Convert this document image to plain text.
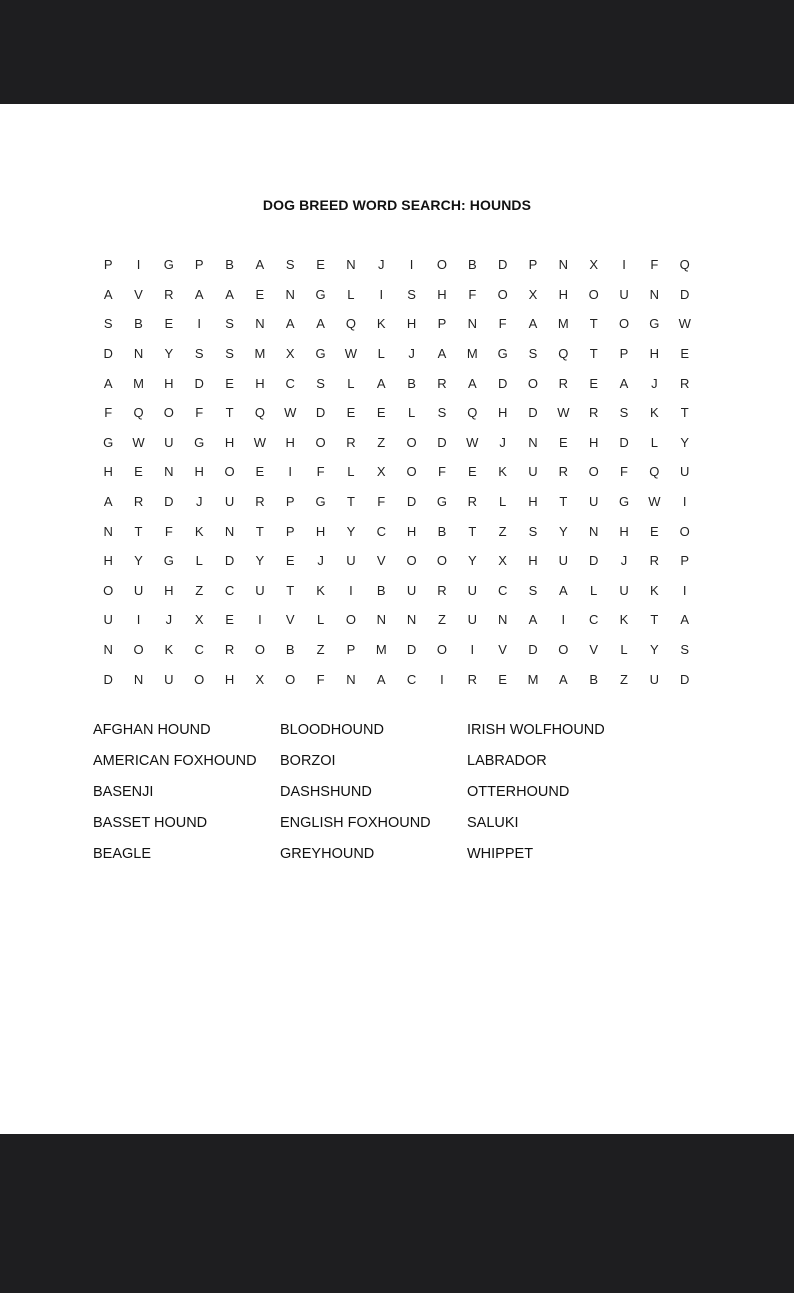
DOG BREED WORD SEARCH: HOUNDS
P	I	G	P	B	A	S	E	N	J	I	O	B	D	P	N	X	I	F	Q
A	V	R	A	A	E	N	G	L	I	S	H	F	O	X	H	O	U	N	D
S	B	E	I	S	N	A	A	Q	K	H	P	N	F	A	M	T	O	G	W
D	N	Y	S	S	M	X	G	W	L	J	A	M	G	S	Q	T	P	H	E
A	M	H	D	E	H	C	S	L	A	B	R	A	D	O	R	E	A	J	R
F	Q	O	F	T	Q	W	D	E	E	L	S	Q	H	D	W	R	S	K	T
G	W	U	G	H	W	H	O	R	Z	O	D	W	J	N	E	H	D	L	Y
H	E	N	H	O	E	I	F	L	X	O	F	E	K	U	R	O	F	Q	U
A	R	D	J	U	R	P	G	T	F	D	G	R	L	H	T	U	G	W	I
N	T	F	K	N	T	P	H	Y	C	H	B	T	Z	S	Y	N	H	E	O
H	Y	G	L	D	Y	E	J	U	V	O	O	Y	X	H	U	D	J	R	P
O	U	H	Z	C	U	T	K	I	B	U	R	U	C	S	A	L	U	K	I
U	I	J	X	E	I	V	L	O	N	N	Z	U	N	A	I	C	K	T	A
N	O	K	C	R	O	B	Z	P	M	D	O	I	V	D	O	V	L	Y	S
D	N	U	O	H	X	O	F	N	A	C	I	R	E	M	A	B	Z	U	D
AFGHAN HOUND
AMERICAN FOXHOUND
BASENJI
BASSET HOUND
BEAGLE
BLOODHOUND
BORZOI
DASHSHUND
ENGLISH FOXHOUND
GREYHOUND
IRISH WOLFHOUND
LABRADOR
OTTERHOUND
SALUKI
WHIPPET
